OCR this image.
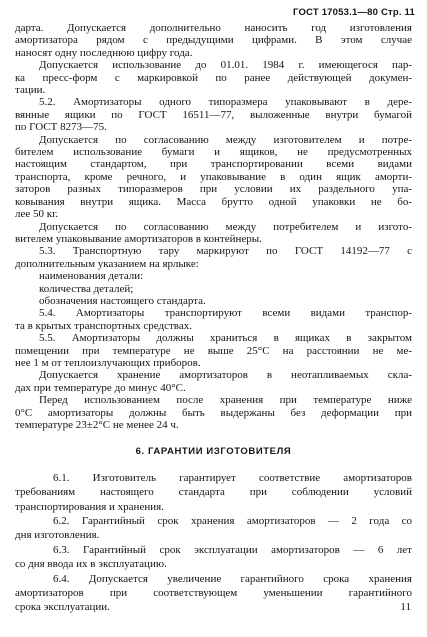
ГОСТ 17053.1—80 Стр. 11
дарта. Допускается дополнительно наносить год изготовления
амортизатора рядом с предыдущими цифрами. В этом случае
наносят одну последнюю цифру года.
Допускается использование до 01.01. 1984 г. имеющегося пар-
ка пресс-форм с маркировкой по ранее действующей докумен-
тации.
5.2. Амортизаторы одного типоразмера упаковывают в дере-
вянные ящики по ГОСТ 16511—77, выложенные внутри бумагой
по ГОСТ 8273—75.
Допускается по согласованию между изготовителем и потре-
бителем использование бумаги и ящиков, не предусмотренных
настоящим стандартом, при транспортировании всеми видами
транспорта, кроме речного, и упаковывание в один ящик аморти-
заторов разных типоразмеров при условии их раздельного упа-
ковывания внутри ящика. Масса брутто одной упаковки не бо-
лее 50 кг.
Допускается по согласованию между потребителем и изгото-
вителем упаковывание амортизаторов в контейнеры.
5.3. Транспортную тару маркируют по ГОСТ 14192—77 с
дополнительным указанием на ярлыке:
наименования детали:
количества деталей;
обозначения настоящего стандарта.
5.4. Амортизаторы транспортируют всеми видами транспор-
та в крытых транспортных средствах.
5.5. Амортизаторы должны храниться в ящиках в закрытом
помещении при температуре не выше 25°С на расстоянии не ме-
нее 1 м от теплоизлучающих приборов.
Допускается хранение амортизаторов в неотапливаемых скла-
дах при температуре до минус 40°С.
Перед использованием после хранения при температуре ниже
0°С амортизаторы должны быть выдержаны без деформации при
температуре 23±2°С не менее 24 ч.
6. ГАРАНТИИ ИЗГОТОВИТЕЛЯ
6.1. Изготовитель гарантирует соответствие амортизаторов
требованиям настоящего стандарта при соблюдении условий
транспортирования и хранения.
6.2. Гарантийный срок хранения амортизаторов — 2 года со
дня изготовления.
6.3. Гарантийный срок эксплуатации амортизаторов — 6 лет
со дня ввода их в эксплуатацию.
6.4. Допускается увеличение гарантийного срока хранения
амортизаторов при соответствующем уменьшении гарантийного
срока эксплуатации.	11
